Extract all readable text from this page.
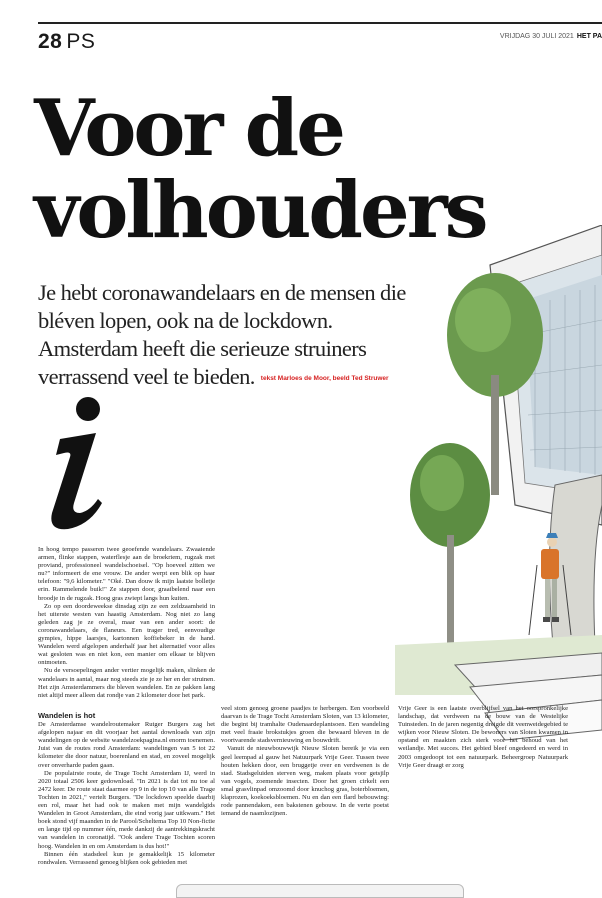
28 PS	VRIJDAG 30 JULI 2021 HET PA
Voor de
volhouders
Je hebt coronawandelaars en de mensen die bléven lopen, ook na de lockdown. Amsterdam heeft die serieuze struiners verrassend veel te bieden. tekst Marloes de Moor, beeld Ted Struwer

In hoog tempo passeren twee geoefende wandelaars. Zwaaiende armen, flinke stappen, waterflesje aan de broekriem, rugzak met proviand, professioneel wandelschoeisel. "Op hoeveel zitten we nu?" informeert de ene vrouw. De ander werpt een blik op haar telefoon: "9,6 kilometer." "Oké. Dan douw ik mijn laatste bolletje erin. Rammelende buik!" Ze stappen door, graaibelend naar een broodje in de rugzak. Hoog gras zwiept langs hun kuiten.

Zo op een doordeweekse dinsdag zijn ze een zeldzaamheid in het uiterste westen van haastig Amsterdam. Nog niet zo lang geleden zag je ze overal, maar van een ander soort: de coronawandelaars, de flaneurs. Een trager tred, eenvoudige gympies, hippe laarsjes, kartonnen koffiebeker in de hand. Wandelen werd afgelopen anderhalf jaar het alternatief voor alles wat gesloten was en niet kon, een manier om elkaar te blijven ontmoeten.

Nu de versoepelingen ander vertier mogelijk maken, slinken de wandelaars in aantal, maar nog steeds zie je ze her en der struinen. Het zijn Amsterdammers die bleven wandelen. En ze pakken lang niet altijd meer alleen dat rondje van 2 kilometer door het park.

Wandelen is hot

De Amsterdamse wandelroutemaker Rutger Burgers zag het afgelopen najaar en dit voorjaar het aantal downloads van zijn wandelingen op de website wandelzoekpagina.nl enorm toenemen. Juist van de routes rond Amsterdam: wandelingen van 5 tot 22 kilometer die door natuur, boerenland en stad, en zoveel mogelijk over onverharde paden gaan.

De populairste route, de Trage Tocht Amsterdam IJ, werd in 2020 totaal 2506 keer gedownload. "In 2021 is dat tot nu toe al 2472 keer. De route staat daarmee op 9 in de top 10 van alle Trage Tochten in 2021," vertelt Burgers. "De lockdown speelde daarbij een rol, maar het had ook te maken met mijn wandelgids Wandelen in Groot Amsterdam, die eind vorig jaar uitkwam." Het boek stond vijf maanden in de Parool/Scheltema Top 10 Non-fictie en lange tijd op nummer één, mede dankzij de aantrekkingskracht van wandelen in coronatijd. "Ook andere Trage Tochten scoren hoog. Wandelen in en om Amsterdam is dus hot!"

Binnen één stadsdeel kun je gemakkelijk 15 kilometer rondwalen. Verrassend genoeg blijken ook gebieden met

veel stom genoeg groene paadjes te herbergen. Een voorbeeld daarvan is de Trage Tocht Amsterdam Sloten, van 13 kilometer, die begint bij tramhalte Oudenaardeplantsoen. Een wandeling met veel fraaie brokstukjes groen die bewaard bleven in de voortvarende stadsvernieuwing en bouwdrift.

Vanuit de nieuwbouwwijk Nieuw Sloten bereik je via een geel leempad al gauw het Natuurpark Vrije Geer. Tussen twee houten hekken door, een bruggetje over en verdwenen is de stad. Stadsgeluiden sterven weg, maken plaats voor getsjilp van vogels, zoemende insecten. Door het groen cirkelt een smal grasvlinpad omzoomd door knuchog gras, boterbloemen, klaprozen, koekoeksbloemen. Nu en dan een flard bebouwing: rode pannendaken, een bakstenen gebouw. In de verte poetst iemand de naamlozijnen.

Vrije Geer is een laatste overblijfsel van het oorspronkelijke landschap, dat verdween na de bouw van de Westelijke Tuinsteden. In de jaren negentig dreigde dit veenweidegebied te wijken voor Nieuw Sloten. De bewoners van Sloten kwamen in opstand en maakten zich sterk voor het behoud van het weilandje. Met succes. Het gebied bleef ongedeerd en werd in 2003 omgedoopt tot een natuurpark. Beheergroep Natuurpark Vrije Geer draagt er zorg
